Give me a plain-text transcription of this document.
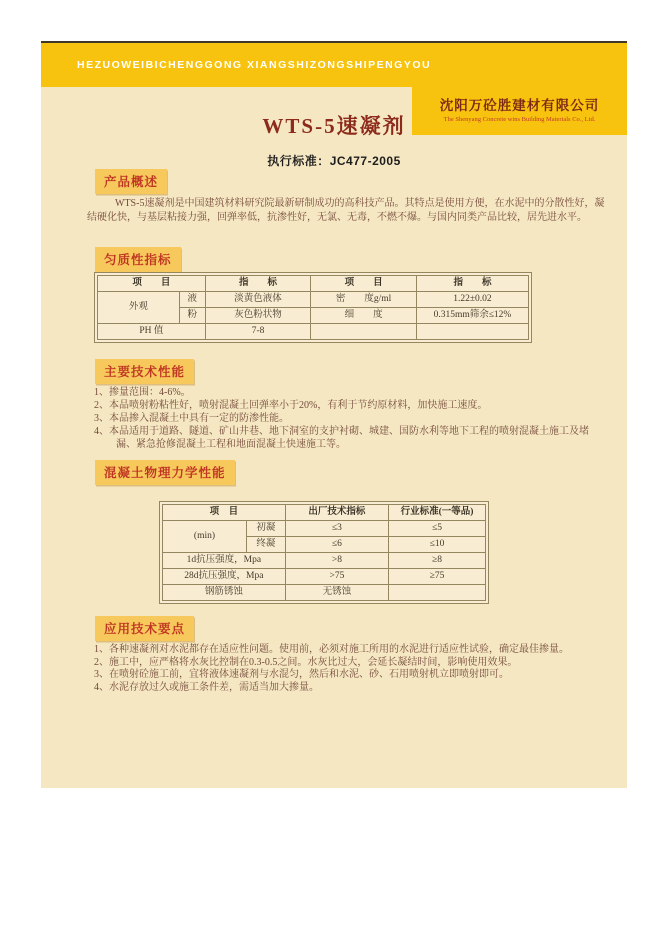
HEZUOWEIBICHENGGONG XIANGSHIZONGSHIPENGYOU
沈阳万砼胜建材有限公司
The Shenyang Concrete wins Building Materials Co., Ltd.
WTS-5速凝剂
执行标准：JC477-2005
产品概述

WTS-5速凝剂是中国建筑材料研究院最新研制成功的高科技产品。其特点是使用方便，在水泥中的分散性好，凝结硬化快，与基层粘接力强，回弹率低，抗渗性好，无氯、无毒，不燃不爆。与国内同类产品比较，居先进水平。

匀质性指标
项　　目		指　　标	项　　目	指　　标
外观	液	淡黄色液体	密　　度g/ml	1.22±0.02
	粉	灰色粉状物	细　　度	0.315mm筛余≤12%
PH 值		7-8		
主要技术性能
1、掺量范围：4-6%。
2、本品喷射粉粘性好，喷射混凝土回弹率小于20%，有利于节约原材料，加快施工速度。
3、本品掺入混凝土中具有一定的防渗性能。
4、本品适用于道路、隧道、矿山井巷、地下洞室的支护衬砌、城建、国防水利等地下工程的喷射混凝土施工及堵漏、紧急抢修混凝土工程和地面混凝土快速施工等。
混凝土物理力学性能
项　目		出厂技术指标	行业标准(一等品)
(min)	初凝	≤3	≤5
	终凝	≤6	≤10
1d抗压强度，Mpa		>8	≥8
28d抗压强度，Mpa		>75	≥75
钢筋锈蚀		无锈蚀	
应用技术要点
1、各种速凝剂对水泥都存在适应性问题。使用前，必须对施工所用的水泥进行适应性试验，确定最佳掺量。
2、施工中，应严格将水灰比控制在0.3-0.5之间。水灰比过大，会延长凝结时间，影响使用效果。
3、在喷射砼施工前，宜将液体速凝剂与水混匀，然后和水泥、砂、石用喷射机立即喷射即可。
4、水泥存放过久或施工条件差，需适当加大掺量。
